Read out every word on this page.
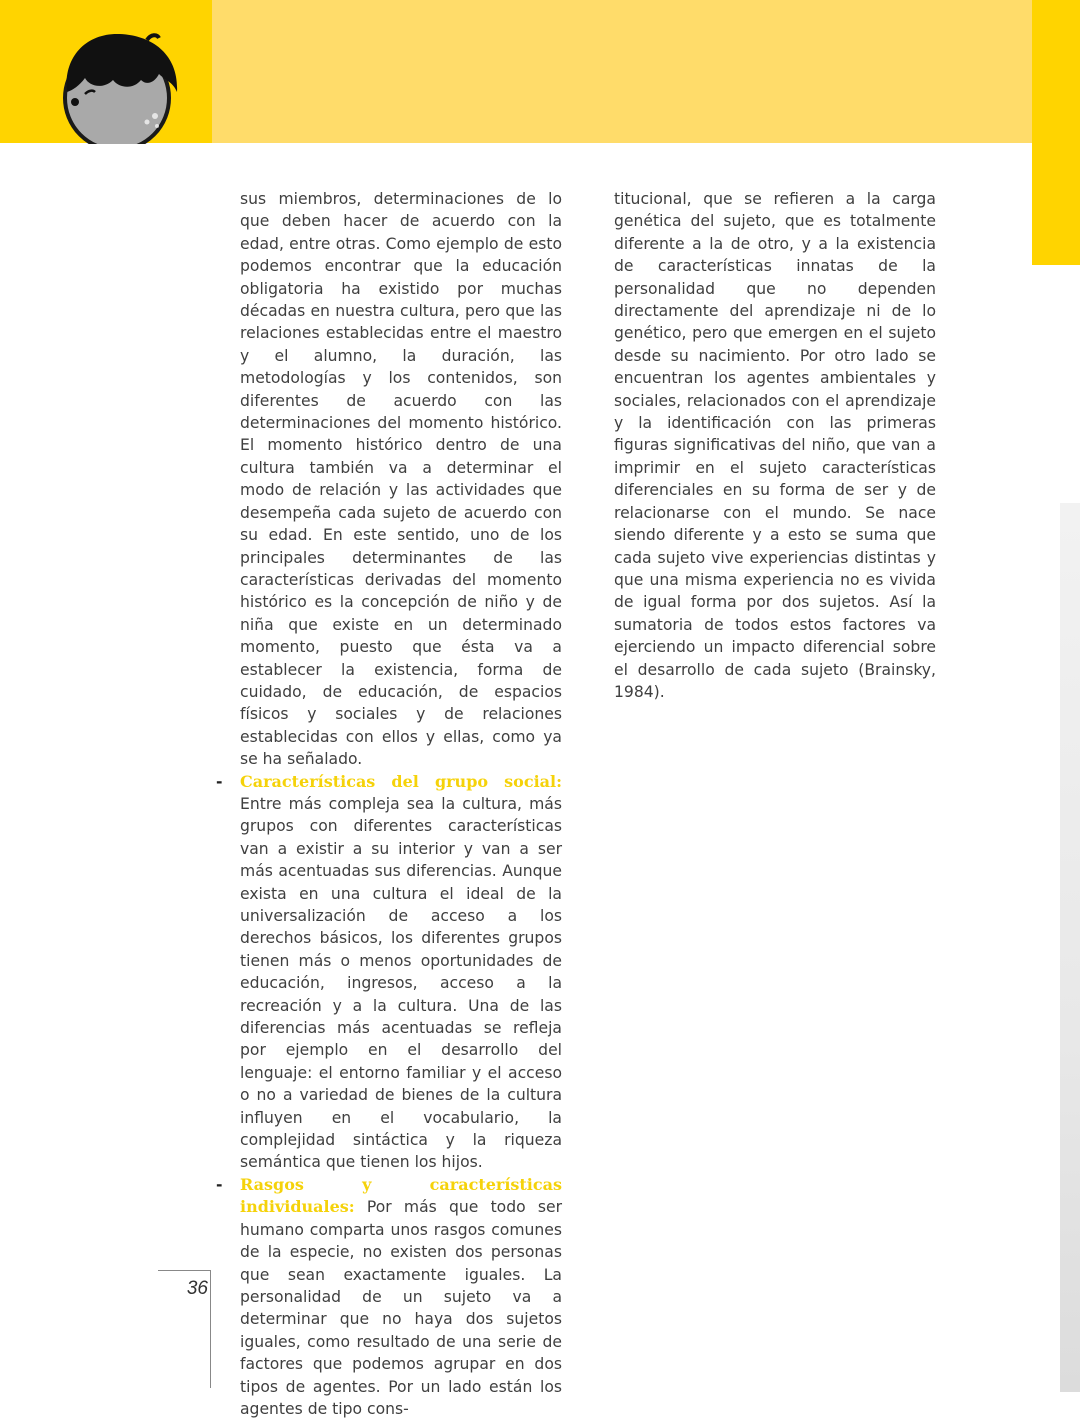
sus miembros, determinaciones de lo que deben hacer de acuerdo con la edad, entre otras. Como ejemplo de esto podemos encontrar que la educación obligatoria ha existido por muchas décadas en nuestra cultura, pero que las relaciones establecidas entre el maestro y el alumno, la duración, las metodologías y los contenidos, son diferentes de acuerdo con las determinaciones del momento histórico. El momento histórico dentro de una cultura también va a determinar el modo de relación y las actividades que desempeña cada sujeto de acuerdo con su edad. En este sentido, uno de los principales determinantes de las características derivadas del momento histórico es la concepción de niño y de niña que existe en un determinado momento, puesto que ésta va a establecer la existencia, forma de cuidado, de educación, de espacios físicos y sociales y de relaciones establecidas con ellos y ellas, como ya se ha señalado.

- Características del grupo social: Entre más compleja sea la cultura, más grupos con diferentes características van a existir a su interior y van a ser más acentuadas sus diferencias. Aunque exista en una cultura el ideal de la universalización de acceso a los derechos básicos, los diferentes grupos tienen más o menos oportunidades de educación, ingresos, acceso a la recreación y a la cultura. Una de las diferencias más acentuadas se refleja por ejemplo en el desarrollo del lenguaje: el entorno familiar y el acceso o no a variedad de bienes de la cultura influyen en el vocabulario, la complejidad sintáctica y la riqueza semántica que tienen los hijos.

- Rasgos y características individuales: Por más que todo ser humano comparta unos rasgos comunes de la especie, no existen dos personas que sean exactamente iguales. La personalidad de un sujeto va a determinar que no haya dos sujetos iguales, como resultado de una serie de factores que podemos agrupar en dos tipos de agentes. Por un lado están los agentes de tipo cons-

titucional, que se refieren a la carga genética del sujeto, que es totalmente diferente a la de otro, y a la existencia de características innatas de la personalidad que no dependen directamente del aprendizaje ni de lo genético, pero que emergen en el sujeto desde su nacimiento. Por otro lado se encuentran los agentes ambientales y sociales, relacionados con el aprendizaje y la identificación con las primeras figuras significativas del niño, que van a imprimir en el sujeto características diferenciales en su forma de ser y de relacionarse con el mundo. Se nace siendo diferente y a esto se suma que cada sujeto vive experiencias distintas y que una misma experiencia no es vivida de igual forma por dos sujetos. Así la sumatoria de todos estos factores va ejerciendo un impacto diferencial sobre el desarrollo de cada sujeto (Brainsky, 1984).

36
